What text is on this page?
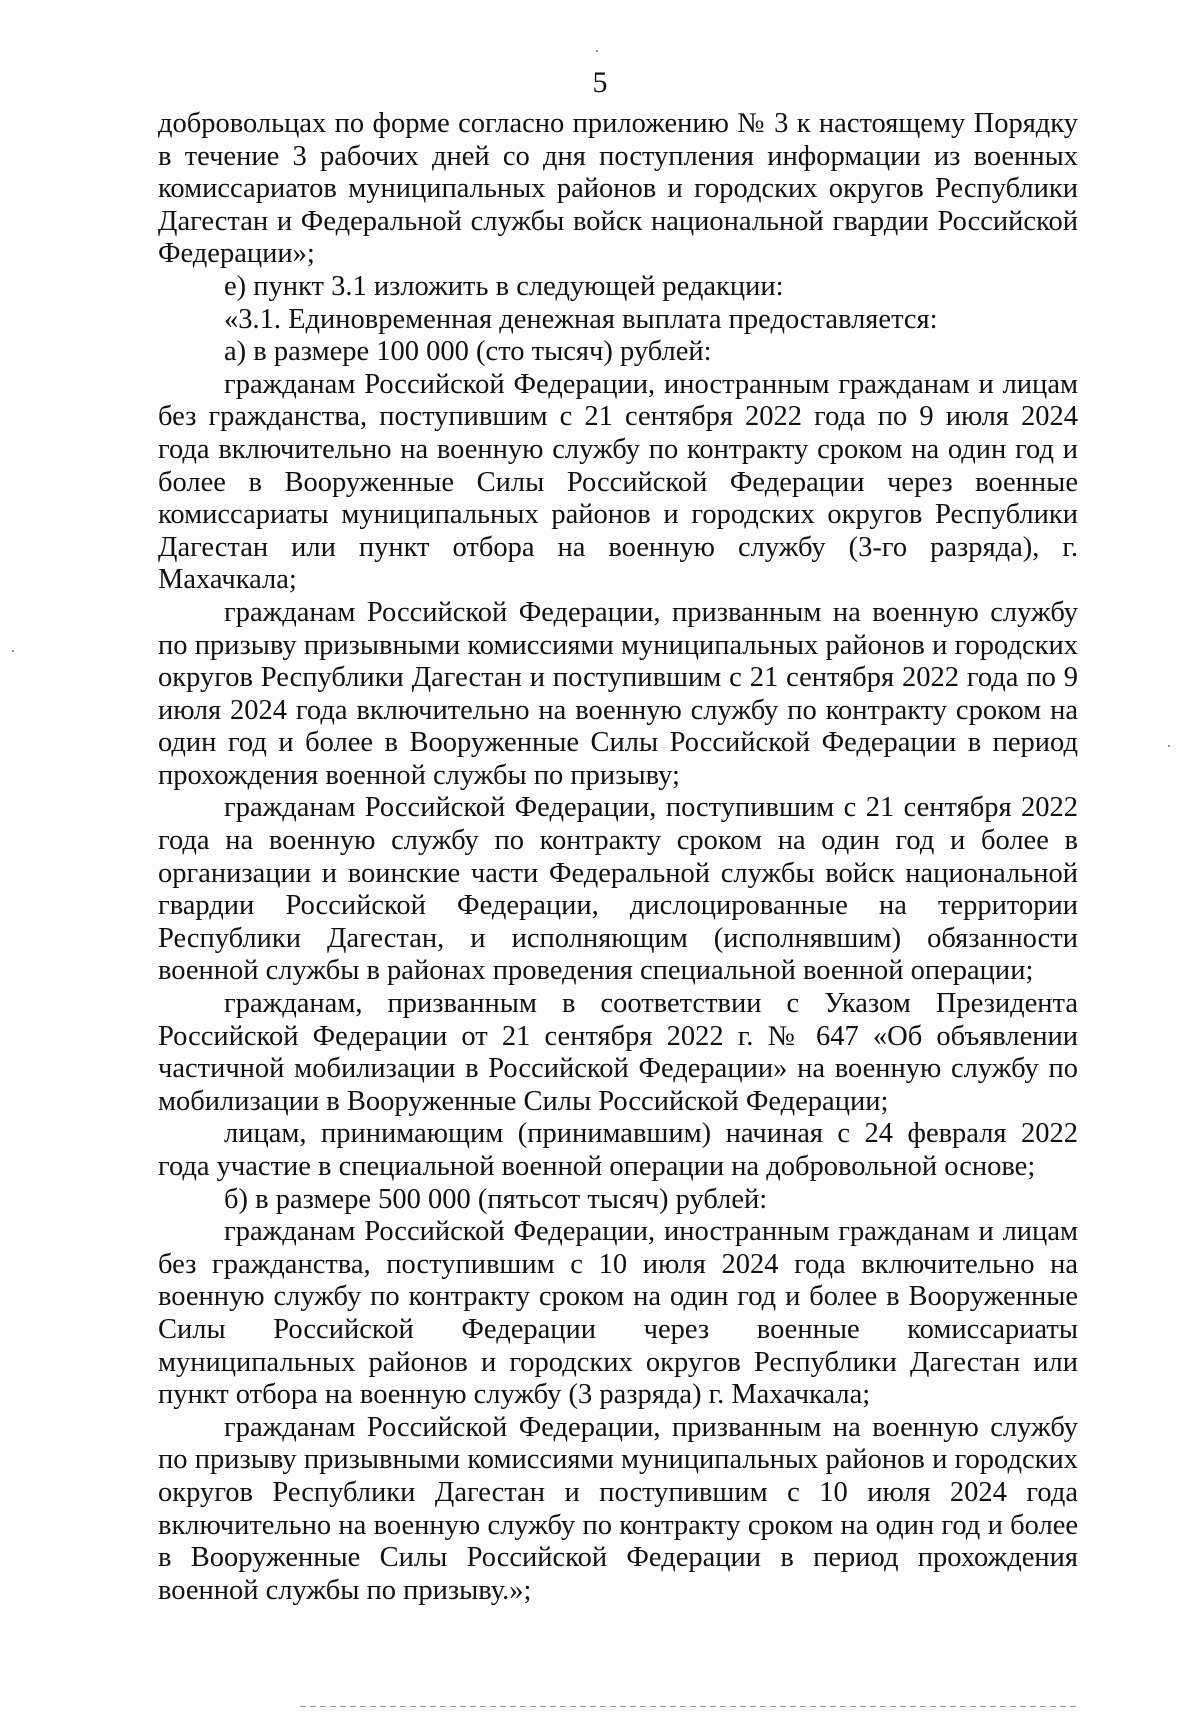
5

добровольцах по форме согласно приложению № 3 к настоящему Порядку в течение 3 рабочих дней со дня поступления информации из военных комиссариатов муниципальных районов и городских округов Республики Дагестан и Федеральной службы войск национальной гвардии Российской Федерации»;

е) пункт 3.1 изложить в следующей редакции:

«3.1. Единовременная денежная выплата предоставляется:

а) в размере 100 000 (сто тысяч) рублей:

гражданам Российской Федерации, иностранным гражданам и лицам без гражданства, поступившим с 21 сентября 2022 года по 9 июля 2024 года включительно на военную службу по контракту сроком на один год и более в Вооруженные Силы Российской Федерации через военные комиссариаты муниципальных районов и городских округов Республики Дагестан или пункт отбора на военную службу (3-го разряда), г. Махачкала;

гражданам Российской Федерации, призванным на военную службу по призыву призывными комиссиями муниципальных районов и городских округов Республики Дагестан и поступившим с 21 сентября 2022 года по 9 июля 2024 года включительно на военную службу по контракту сроком на один год и более в Вооруженные Силы Российской Федерации в период прохождения военной службы по призыву;

гражданам Российской Федерации, поступившим с 21 сентября 2022 года на военную службу по контракту сроком на один год и более в организации и воинские части Федеральной службы войск национальной гвардии Российской Федерации, дислоцированные на территории Республики Дагестан, и исполняющим (исполнявшим) обязанности военной службы в районах проведения специальной военной операции;

гражданам, призванным в соответствии с Указом Президента Российской Федерации от 21 сентября 2022 г. № 647 «Об объявлении частичной мобилизации в Российской Федерации» на военную службу по мобилизации в Вооруженные Силы Российской Федерации;

лицам, принимающим (принимавшим) начиная с 24 февраля 2022 года участие в специальной военной операции на добровольной основе;

б) в размере 500 000 (пятьсот тысяч) рублей:

гражданам Российской Федерации, иностранным гражданам и лицам без гражданства, поступившим с 10 июля 2024 года включительно на военную службу по контракту сроком на один год и более в Вооруженные Силы Российской Федерации через военные комиссариаты муниципальных районов и городских округов Республики Дагестан или пункт отбора на военную службу (3 разряда) г. Махачкала;

гражданам Российской Федерации, призванным на военную службу по призыву призывными комиссиями муниципальных районов и городских округов Республики Дагестан и поступившим с 10 июля 2024 года включительно на военную службу по контракту сроком на один год и более в Вооруженные Силы Российской Федерации в период прохождения военной службы по призыву.»;
